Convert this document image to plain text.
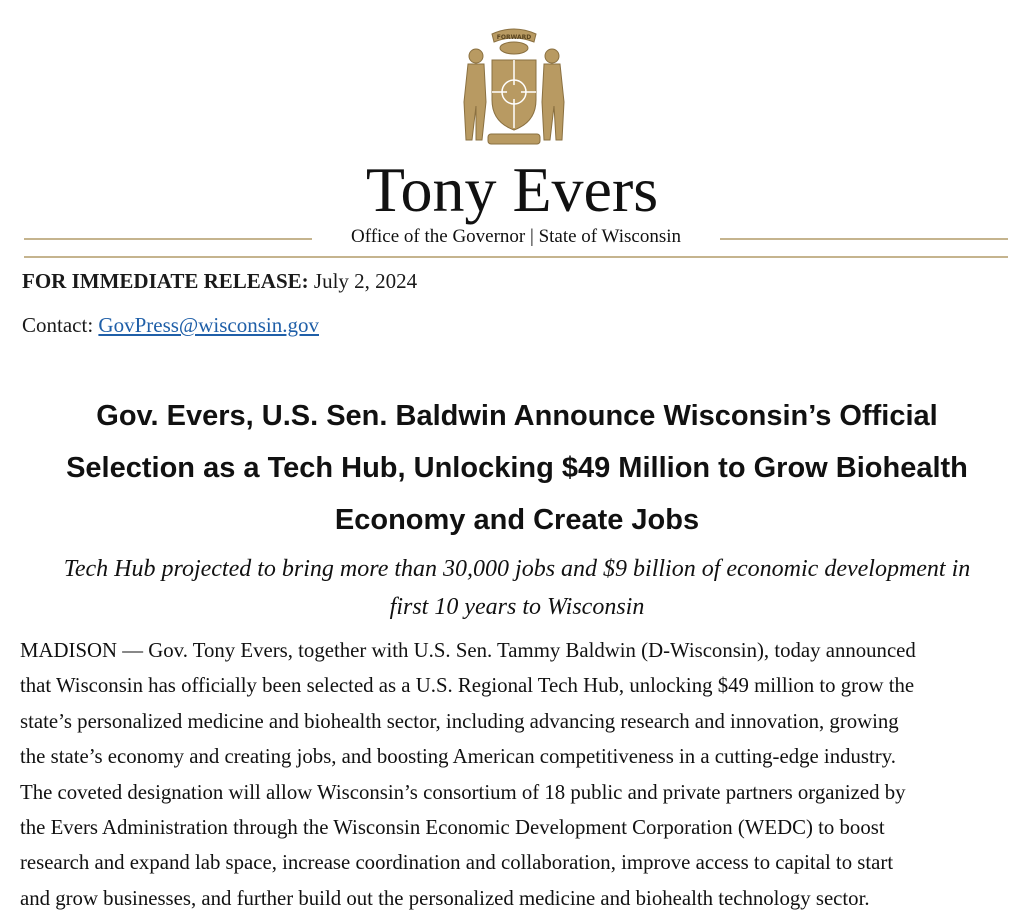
FORWARD
Tony Evers
Office of the Governor | State of Wisconsin
FOR IMMEDIATE RELEASE: July 2, 2024
Contact: GovPress@wisconsin.gov
Gov. Evers, U.S. Sen. Baldwin Announce Wisconsin’s Official
Selection as a Tech Hub, Unlocking $49 Million to Grow Biohealth
Economy and Create Jobs
Tech Hub projected to bring more than 30,000 jobs and $9 billion of economic development in
first 10 years to Wisconsin
MADISON — Gov. Tony Evers, together with U.S. Sen. Tammy Baldwin (D-Wisconsin), today announced
that Wisconsin has officially been selected as a U.S. Regional Tech Hub, unlocking $49 million to grow the
state’s personalized medicine and biohealth sector, including advancing research and innovation, growing
the state’s economy and creating jobs, and boosting American competitiveness in a cutting-edge industry.
The coveted designation will allow Wisconsin’s consortium of 18 public and private partners organized by
the Evers Administration through the Wisconsin Economic Development Corporation (WEDC) to boost
research and expand lab space, increase coordination and collaboration, improve access to capital to start
and grow businesses, and further build out the personalized medicine and biohealth technology sector.
